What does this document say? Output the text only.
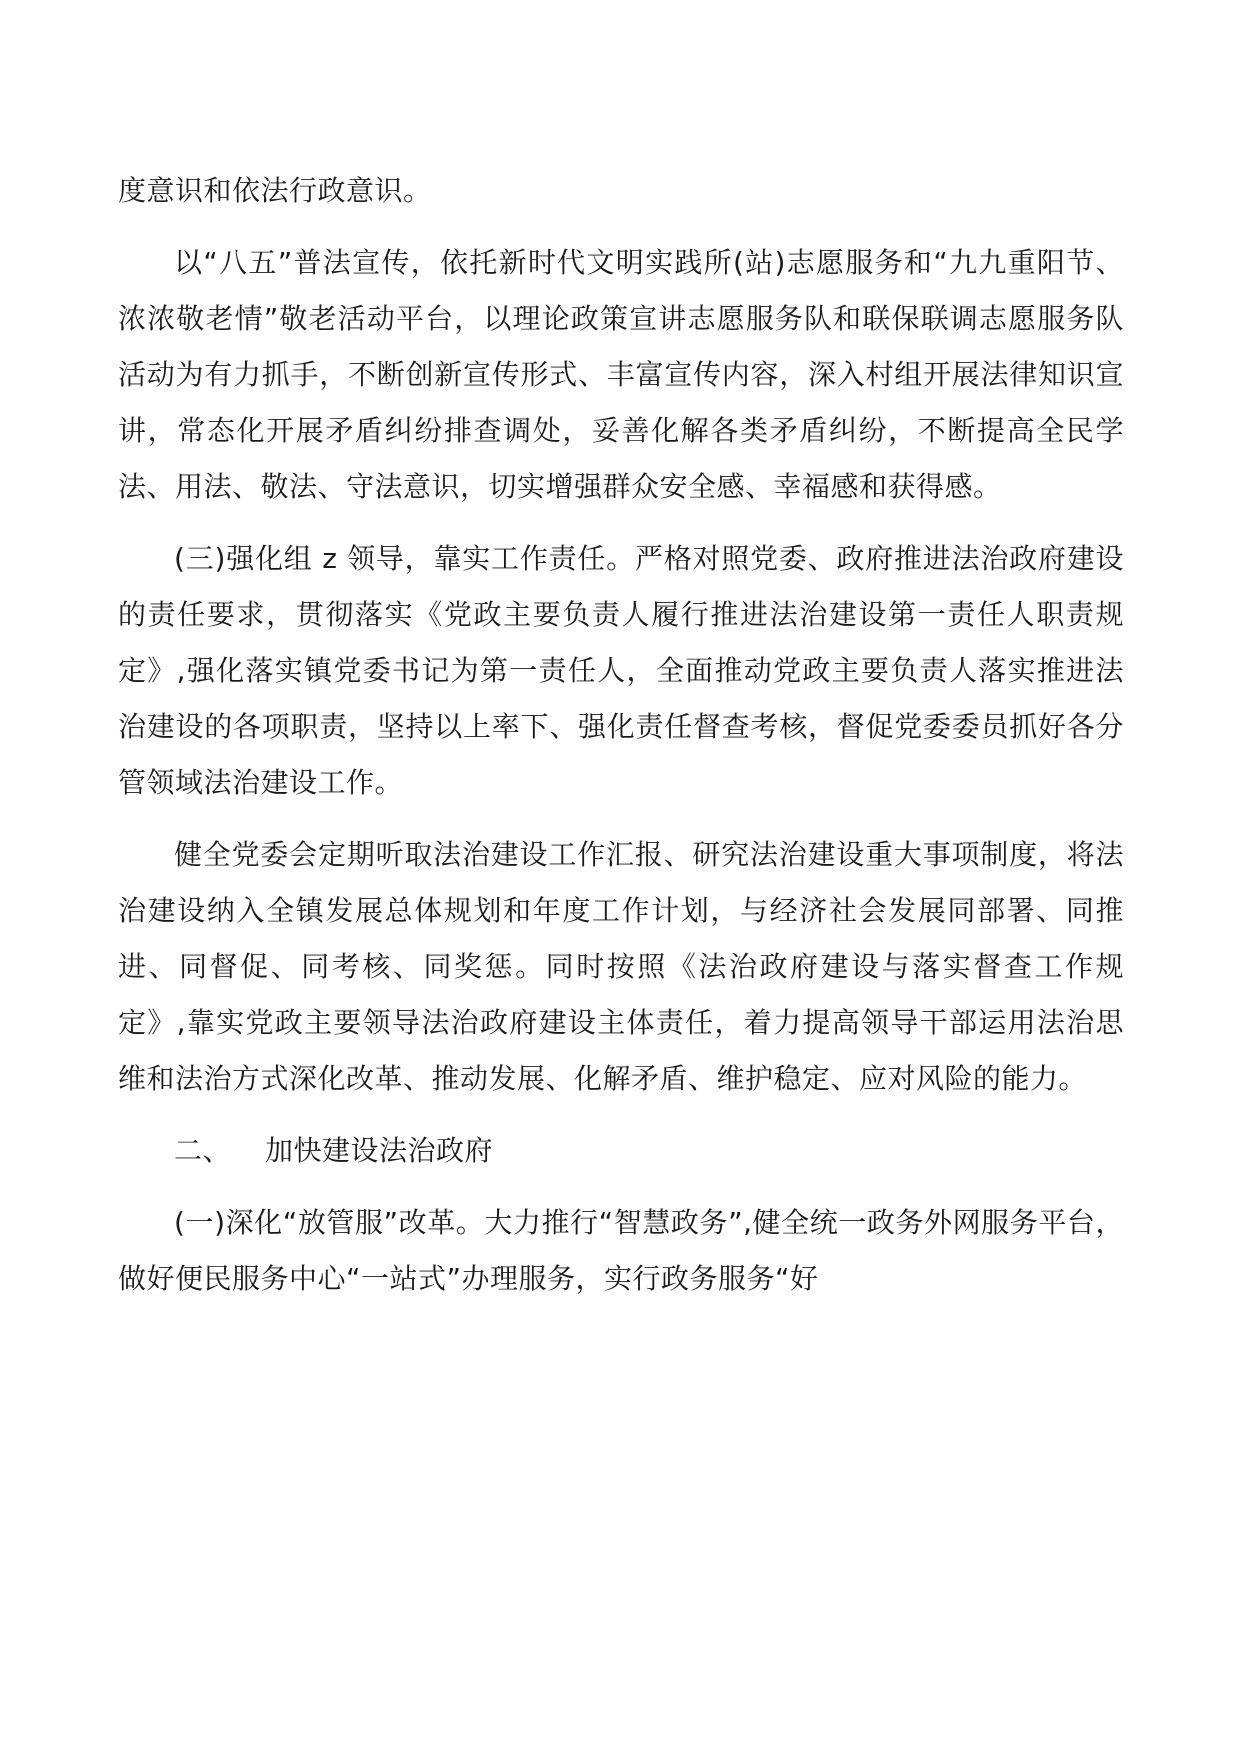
度意识和依法行政意识。

以“八五”普法宣传，依托新时代文明实践所(站)志愿服务和“九九重阳节、浓浓敬老情”敬老活动平台，以理论政策宣讲志愿服务队和联保联调志愿服务队活动为有力抓手，不断创新宣传形式、丰富宣传内容，深入村组开展法律知识宣讲，常态化开展矛盾纠纷排查调处，妥善化解各类矛盾纠纷，不断提高全民学法、用法、敬法、守法意识，切实增强群众安全感、幸福感和获得感。

(三)强化组 z 领导，靠实工作责任。严格对照党委、政府推进法治政府建设的责任要求，贯彻落实《党政主要负责人履行推进法治建设第一责任人职责规定》,强化落实镇党委书记为第一责任人，全面推动党政主要负责人落实推进法治建设的各项职责，坚持以上率下、强化责任督查考核，督促党委委员抓好各分管领域法治建设工作。

健全党委会定期听取法治建设工作汇报、研究法治建设重大事项制度，将法治建设纳入全镇发展总体规划和年度工作计划，与经济社会发展同部署、同推进、同督促、同考核、同奖惩。同时按照《法治政府建设与落实督查工作规定》,靠实党政主要领导法治政府建设主体责任，着力提高领导干部运用法治思维和法治方式深化改革、推动发展、化解矛盾、维护稳定、应对风险的能力。

二、 加快建设法治政府

(一)深化“放管服”改革。大力推行“智慧政务”,健全统一政务外网服务平台，做好便民服务中心“一站式”办理服务，实行政务服务“好
